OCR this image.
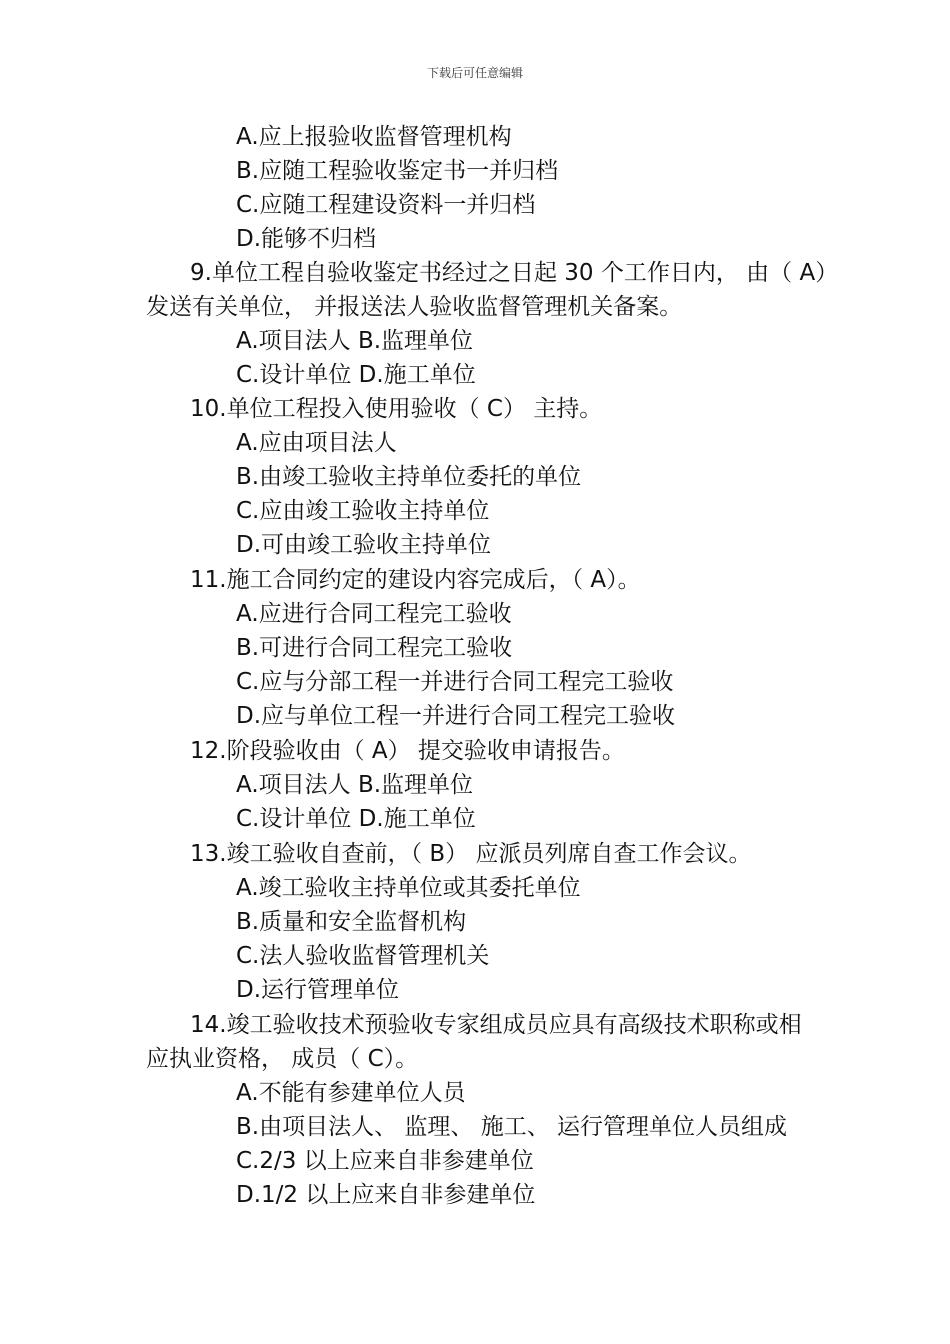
下载后可任意编辑
A.应上报验收监督管理机构
B.应随工程验收鉴定书一并归档
C.应随工程建设资料一并归档
D.能够不归档
9.单位工程自验收鉴定书经过之日起 30 个工作日内， 由（ A）
发送有关单位， 并报送法人验收监督管理机关备案。
A.项目法人 B.监理单位
C.设计单位 D.施工单位
10.单位工程投入使用验收（ C） 主持。
A.应由项目法人
B.由竣工验收主持单位委托的单位
C.应由竣工验收主持单位
D.可由竣工验收主持单位
11.施工合同约定的建设内容完成后，（ A）。
A.应进行合同工程完工验收
B.可进行合同工程完工验收
C.应与分部工程一并进行合同工程完工验收
D.应与单位工程一并进行合同工程完工验收
12.阶段验收由（ A） 提交验收申请报告。
A.项目法人 B.监理单位
C.设计单位 D.施工单位
13.竣工验收自查前，（ B） 应派员列席自查工作会议。
A.竣工验收主持单位或其委托单位
B.质量和安全监督机构
C.法人验收监督管理机关
D.运行管理单位
14.竣工验收技术预验收专家组成员应具有高级技术职称或相
应执业资格， 成员（ C）。
A.不能有参建单位人员
B.由项目法人、 监理、 施工、 运行管理单位人员组成
C.2/3 以上应来自非参建单位
D.1/2 以上应来自非参建单位
